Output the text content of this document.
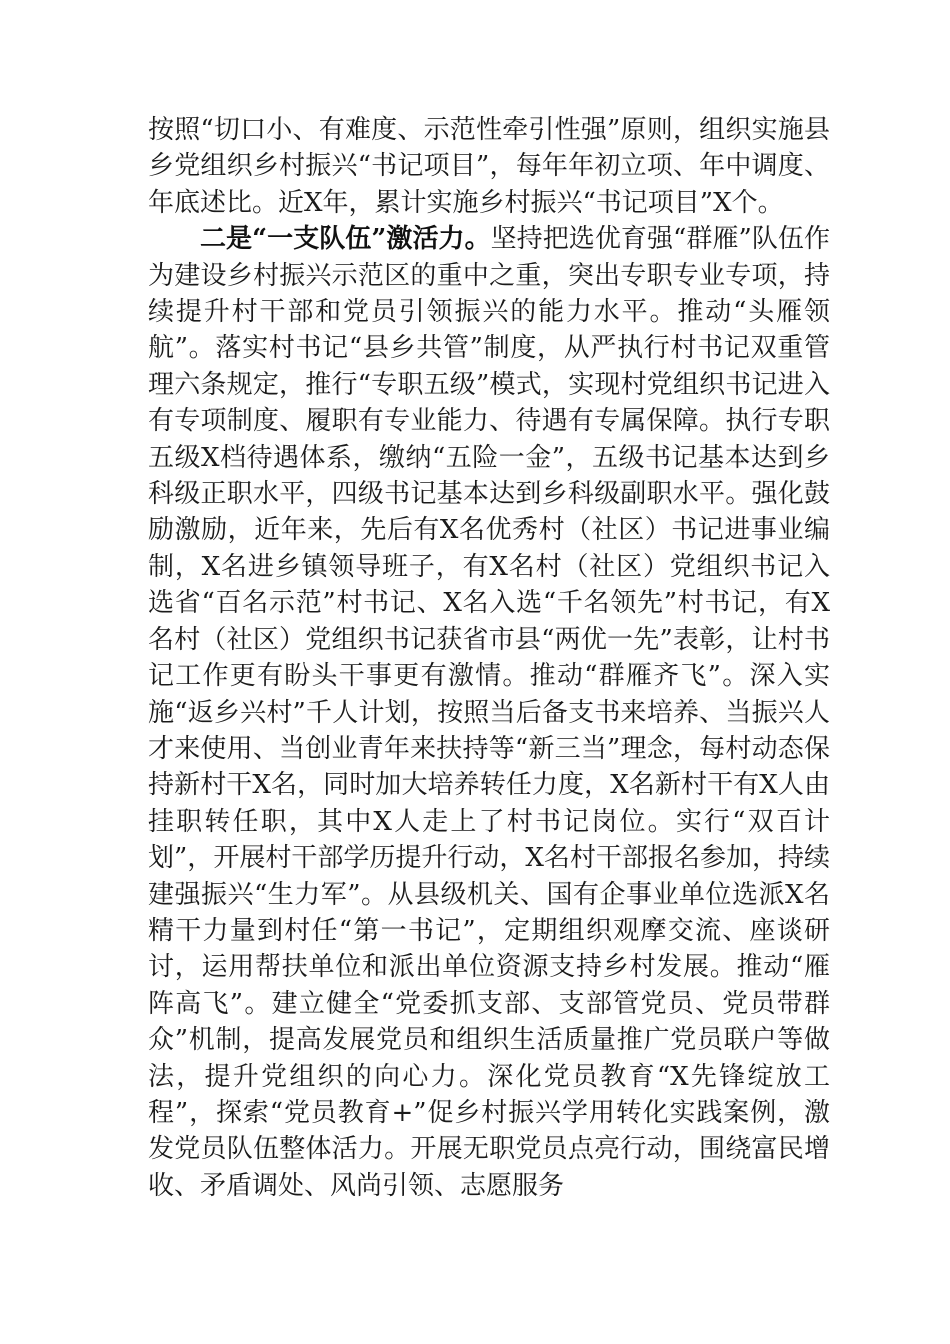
按照“切口小、有难度、示范性牵引性强”原则，组织实施县乡党组织乡村振兴“书记项目”，每年年初立项、年中调度、年底述比。近X年，累计实施乡村振兴“书记项目”X个。

二是“一支队伍”激活力。坚持把选优育强“群雁”队伍作为建设乡村振兴示范区的重中之重，突出专职专业专项，持续提升村干部和党员引领振兴的能力水平。推动“头雁领航”。落实村书记“县乡共管”制度，从严执行村书记双重管理六条规定，推行“专职五级”模式，实现村党组织书记进入有专项制度、履职有专业能力、待遇有专属保障。执行专职五级X档待遇体系，缴纳“五险一金”，五级书记基本达到乡科级正职水平，四级书记基本达到乡科级副职水平。强化鼓励激励，近年来，先后有X名优秀村（社区）书记进事业编制，X名进乡镇领导班子，有X名村（社区）党组织书记入选省“百名示范”村书记、X名入选“千名领先”村书记，有X名村（社区）党组织书记获省市县“两优一先”表彰，让村书记工作更有盼头干事更有激情。推动“群雁齐飞”。深入实施“返乡兴村”千人计划，按照当后备支书来培养、当振兴人才来使用、当创业青年来扶持等“新三当”理念，每村动态保持新村干X名，同时加大培养转任力度，X名新村干有X人由挂职转任职，其中X人走上了村书记岗位。实行“双百计划”，开展村干部学历提升行动，X名村干部报名参加，持续建强振兴“生力军”。从县级机关、国有企事业单位选派X名精干力量到村任“第一书记”，定期组织观摩交流、座谈研讨，运用帮扶单位和派出单位资源支持乡村发展。推动“雁阵高飞”。建立健全“党委抓支部、支部管党员、党员带群众”机制，提高发展党员和组织生活质量推广党员联户等做法，提升党组织的向心力。深化党员教育“X先锋绽放工程”，探索“党员教育+”促乡村振兴学用转化实践案例，激发党员队伍整体活力。开展无职党员点亮行动，围绕富民增收、矛盾调处、风尚引领、志愿服务
